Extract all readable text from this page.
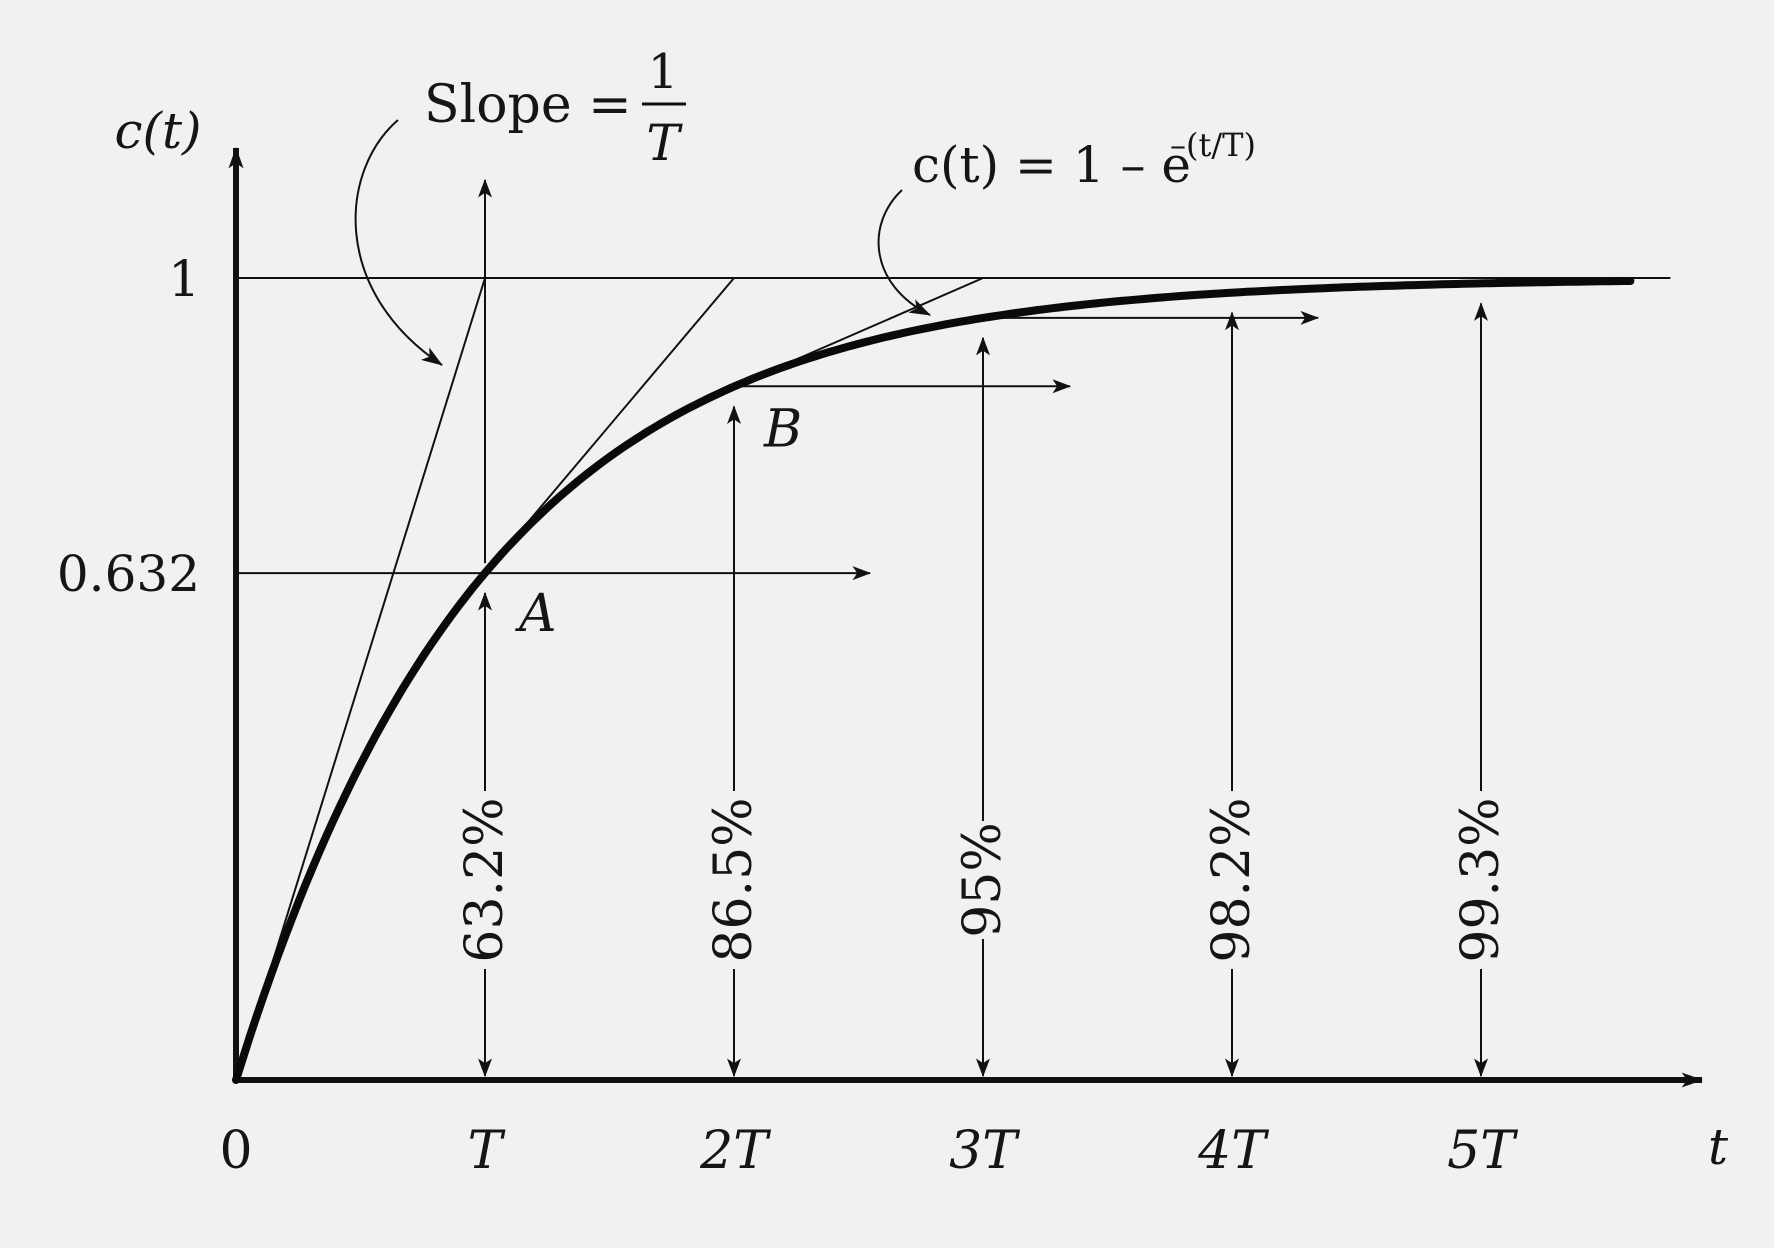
c(t)
t
0	T	2T	3T	4T	5T
1
0.632
63.2%	86.5%	95%	98.2%	99.3%
A
B
Slope =
1
T	c(t) = 1 – e
–(t/T)
